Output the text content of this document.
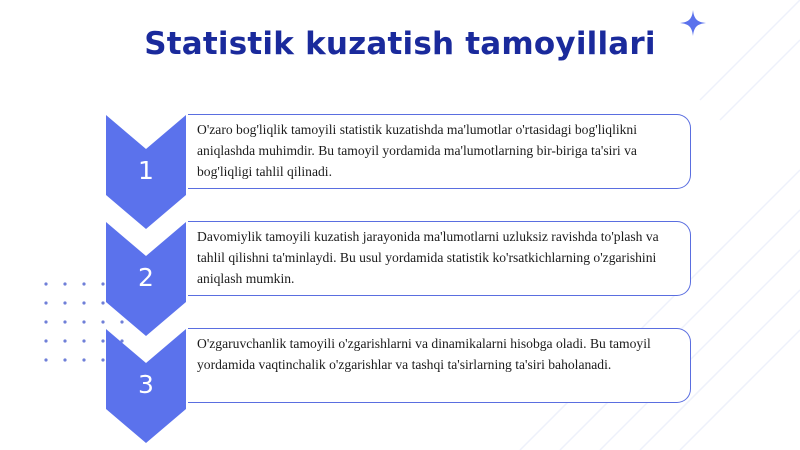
Statistik kuzatish tamoyillari
1

O'zaro bog'liqlik tamoyili statistik kuzatishda ma'lumotlar o'rtasidagi bog'liqlikni aniqlashda muhimdir. Bu tamoyil yordamida ma'lumotlarning bir-biriga ta'siri va bog'liqligi tahlil qilinadi.

2

Davomiylik tamoyili kuzatish jarayonida ma'lumotlarni uzluksiz ravishda to'plash va tahlil qilishni ta'minlaydi. Bu usul yordamida statistik ko'rsatkichlarning o'zgarishini aniqlash mumkin.

3

O'zgaruvchanlik tamoyili o'zgarishlarni va dinamikalarni hisobga oladi. Bu tamoyil yordamida vaqtinchalik o'zgarishlar va tashqi ta'sirlarning ta'siri baholanadi.
